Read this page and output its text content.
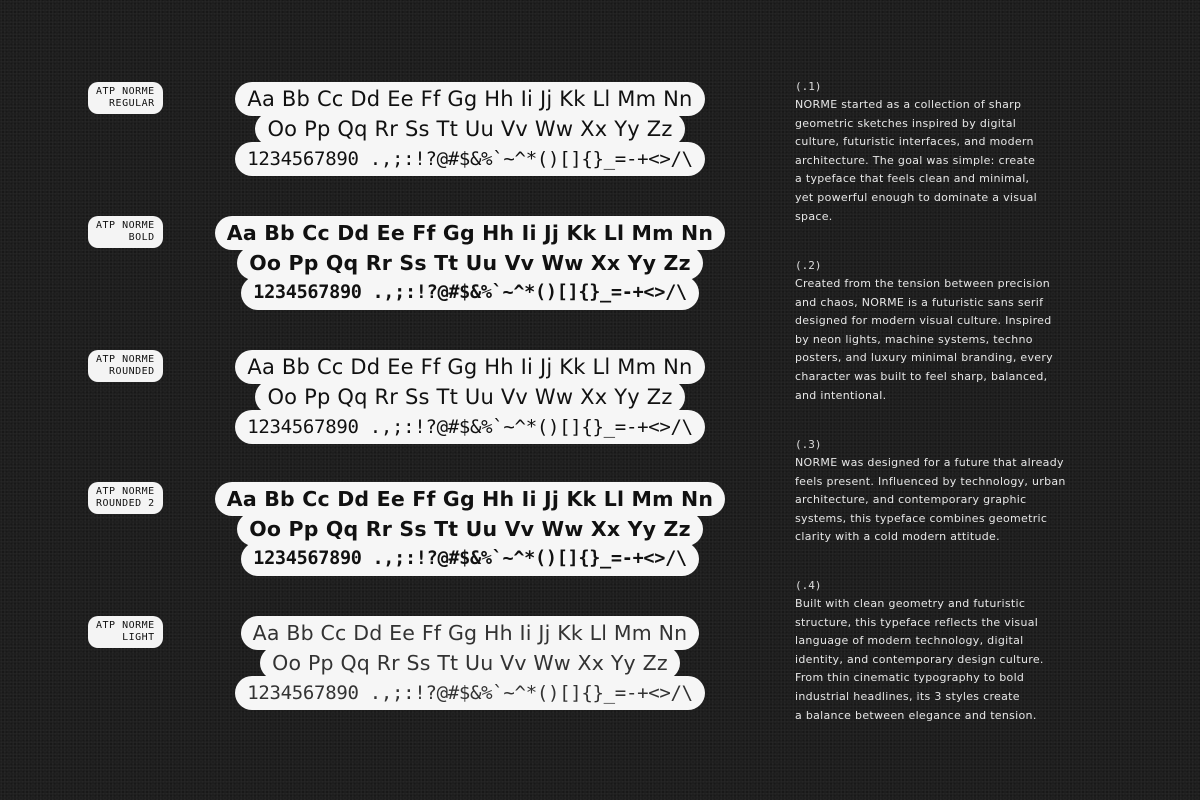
ATP NORME
REGULAR	Aa Bb Cc Dd Ee Ff Gg Hh Ii Jj Kk Ll Mm Nn
Oo Pp Qq Rr Ss Tt Uu Vv Ww Xx Yy Zz
1234567890 .,;:!?@#$&%`~^*()[]{}_=-+<>/\
ATP NORME
BOLD	Aa Bb Cc Dd Ee Ff Gg Hh Ii Jj Kk Ll Mm Nn
Oo Pp Qq Rr Ss Tt Uu Vv Ww Xx Yy Zz
1234567890 .,;:!?@#$&%`~^*()[]{}_=-+<>/\
ATP NORME
ROUNDED	Aa Bb Cc Dd Ee Ff Gg Hh Ii Jj Kk Ll Mm Nn
Oo Pp Qq Rr Ss Tt Uu Vv Ww Xx Yy Zz
1234567890 .,;:!?@#$&%`~^*()[]{}_=-+<>/\
ATP NORME
ROUNDED 2	Aa Bb Cc Dd Ee Ff Gg Hh Ii Jj Kk Ll Mm Nn
Oo Pp Qq Rr Ss Tt Uu Vv Ww Xx Yy Zz
1234567890 .,;:!?@#$&%`~^*()[]{}_=-+<>/\
ATP NORME
LIGHT	Aa Bb Cc Dd Ee Ff Gg Hh Ii Jj Kk Ll Mm Nn
Oo Pp Qq Rr Ss Tt Uu Vv Ww Xx Yy Zz
1234567890 .,;:!?@#$&%`~^*()[]{}_=-+<>/\
(.1)
NORME started as a collection of sharp
geometric sketches inspired by digital
culture, futuristic interfaces, and modern
architecture. The goal was simple: create
a typeface that feels clean and minimal,
yet powerful enough to dominate a visual
space.
(.2)
Created from the tension between precision
and chaos, NORME is a futuristic sans serif
designed for modern visual culture. Inspired
by neon lights, machine systems, techno
posters, and luxury minimal branding, every
character was built to feel sharp, balanced,
and intentional.
(.3)
NORME was designed for a future that already
feels present. Influenced by technology, urban
architecture, and contemporary graphic
systems, this typeface combines geometric
clarity with a cold modern attitude.
(.4)
Built with clean geometry and futuristic
structure, this typeface reflects the visual
language of modern technology, digital
identity, and contemporary design culture.
From thin cinematic typography to bold
industrial headlines, its 3 styles create
a balance between elegance and tension.
